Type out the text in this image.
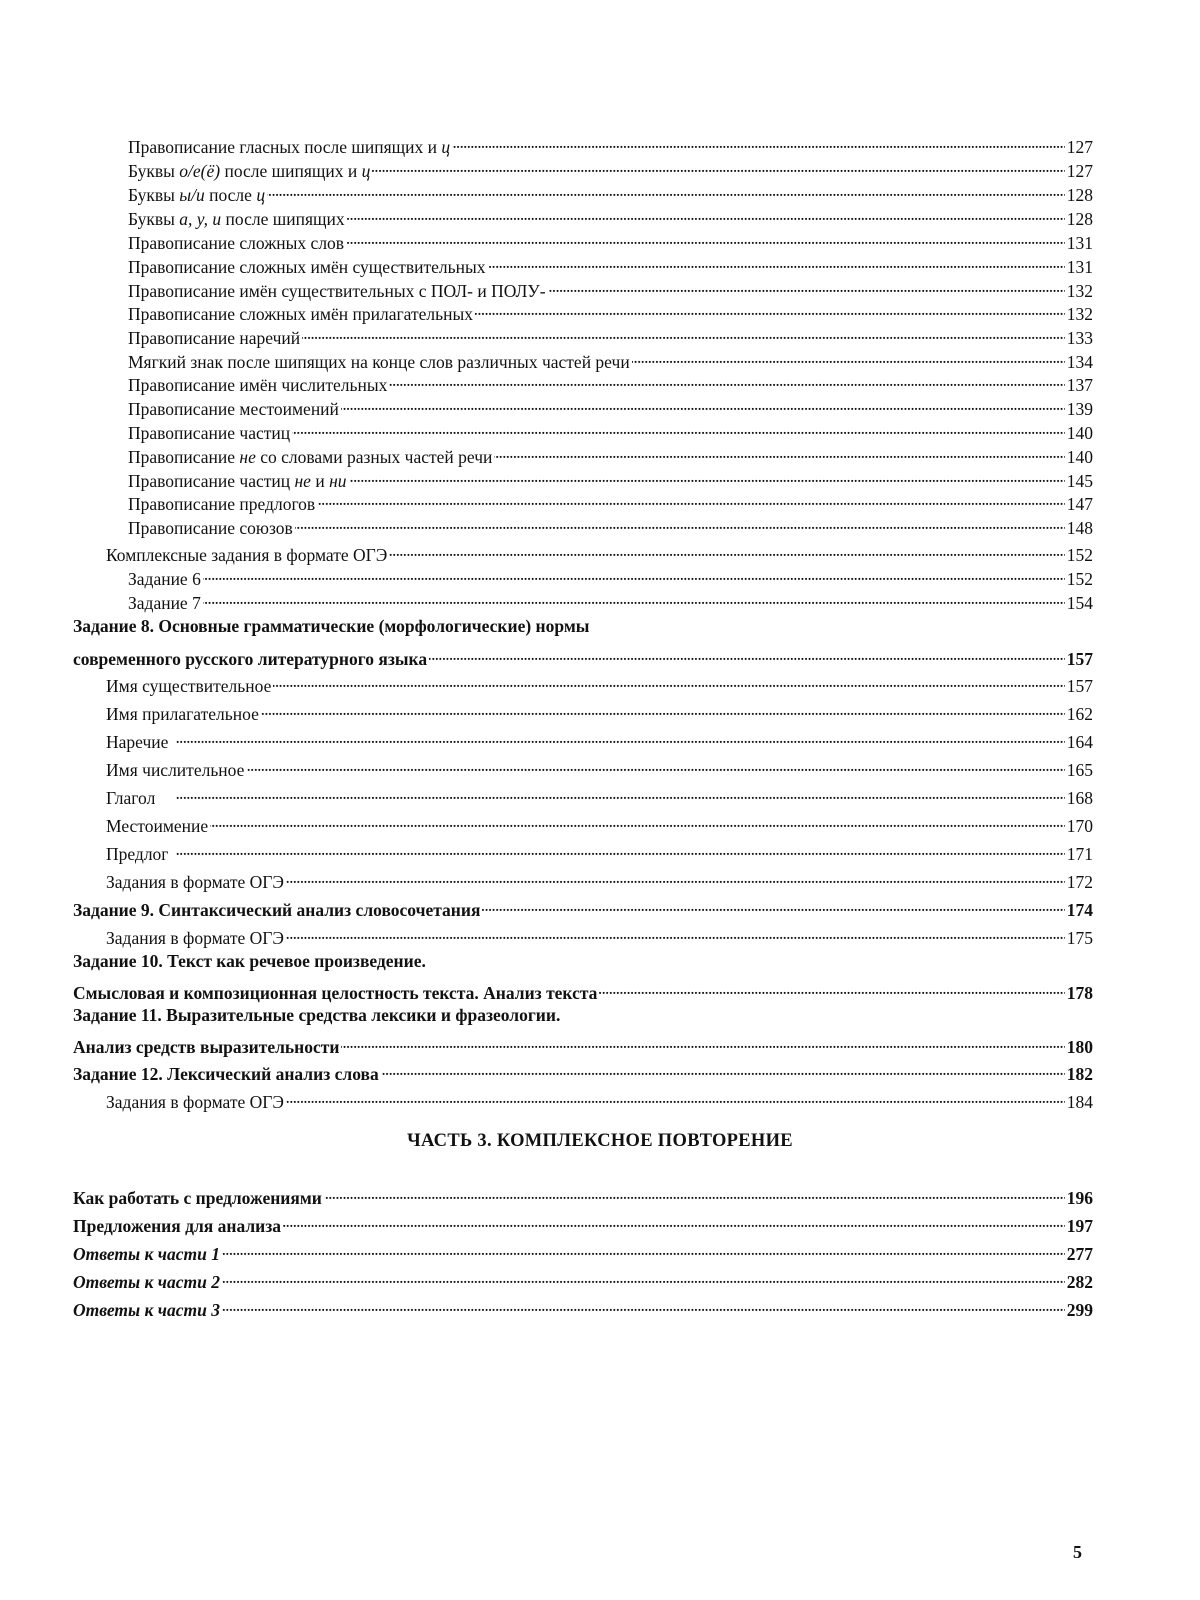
Правописание гласных после шипящих и ц . . .	127
Буквы о/е(ё) после шипящих и ц . . .	127
Буквы ы/и после ц . . .	128
Буквы а, у, и после шипящих . . .	128
Правописание сложных слов . . .	131
Правописание сложных имён существительных . . .	131
Правописание имён существительных с ПОЛ- и ПОЛУ- . . .	132
Правописание сложных имён прилагательных . . .	132
Правописание наречий . . .	133
Мягкий знак после шипящих на конце слов различных частей речи . . .	134
Правописание имён числительных . . .	137
Правописание местоимений . . .	139
Правописание частиц . . .	140
Правописание не со словами разных частей речи . . .	140
Правописание частиц не и ни . . .	145
Правописание предлогов . . .	147
Правописание союзов . . .	148
Комплексные задания в формате ОГЭ . . .	152
Задание 6 . . .	152
Задание 7 . . .	154
Задание 8. Основные грамматические (морфологические) нормы
современного русского литературного языка . . .	157
Имя существительное . . .	157
Имя прилагательное . . .	162
Наречие . . .	164
Имя числительное . . .	165
Глагол . . .	168
Местоимение . . .	170
Предлог . . .	171
Задания в формате ОГЭ . . .	172
Задание 9. Синтаксический анализ словосочетания . . .	174
Задания в формате ОГЭ . . .	175
Задание 10. Текст как речевое произведение.
Смысловая и композиционная целостность текста. Анализ текста . . .	178
Задание 11. Выразительные средства лексики и фразеологии.
Анализ средств выразительности . . .	180
Задание 12. Лексический анализ слова . . .	182
Задания в формате ОГЭ . . .	184
Как работать с предложениями . . .	196
Предложения для анализа . . .	197
Ответы к части 1 . . .	277
Ответы к части 2 . . .	282
Ответы к части 3 . . .	299
ЧАСТЬ 3. КОМПЛЕКСНОЕ ПОВТОРЕНИЕ
5
